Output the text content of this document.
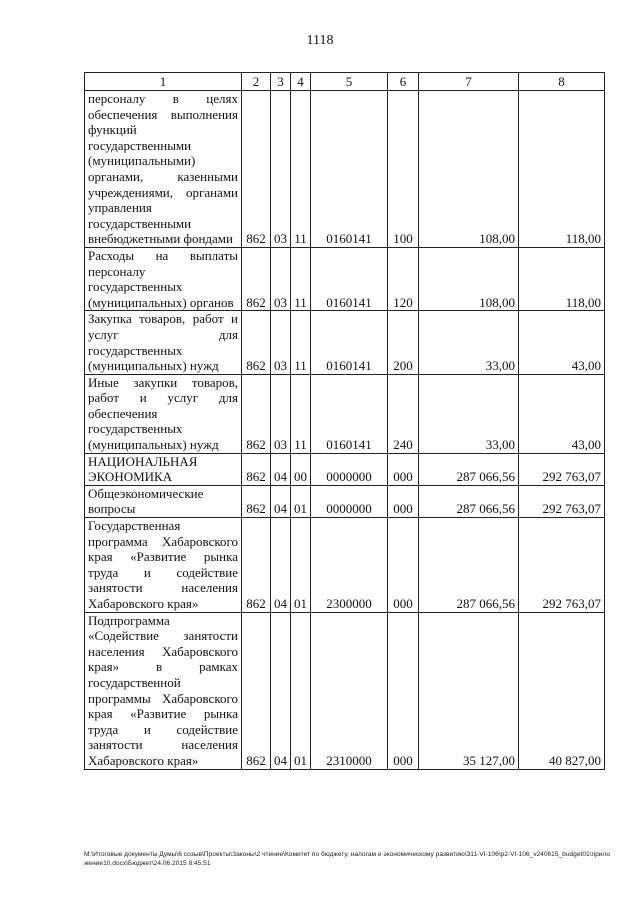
1118
1	2	3	4	5	6	7	8
персоналу в целях обеспечения выполнения функций государственными (муниципальными) органами, казенными учреждениями, органами управления государственными внебюджетными фондами	862	03	11	0160141	100	108,00	118,00
Расходы на выплаты персоналу государственных (муниципальных) органов	862	03	11	0160141	120	108,00	118,00
Закупка товаров, работ и услуг для государственных (муниципальных) нужд	862	03	11	0160141	200	33,00	43,00
Иные закупки товаров, работ и услуг для обеспечения государственных (муниципальных) нужд	862	03	11	0160141	240	33,00	43,00
НАЦИОНАЛЬНАЯ ЭКОНОМИКА	862	04	00	0000000	000	287 066,56	292 763,07
Общеэкономические вопросы	862	04	01	0000000	000	287 066,56	292 763,07
Государственная программа Хабаровского края «Развитие рынка труда и содействие занятости населения Хабаровского края»	862	04	01	2300000	000	287 066,56	292 763,07
Подпрограмма «Содействие занятости населения Хабаровского края» в рамках государственной программы Хабаровского края «Развитие рынка труда и содействие занятости населения Хабаровского края»	862	04	01	2310000	000	35 127,00	40 827,00
M:\Итоговые документы Думы\6 созыв\Проекты\Законы\2 чтение\Комитет по бюджету, налогам и экономическому развитию\311-VI-106\p2-VI-106_v240615_budget01\приложение10.docx\Бюджет\24.06.2015 8:45:51
